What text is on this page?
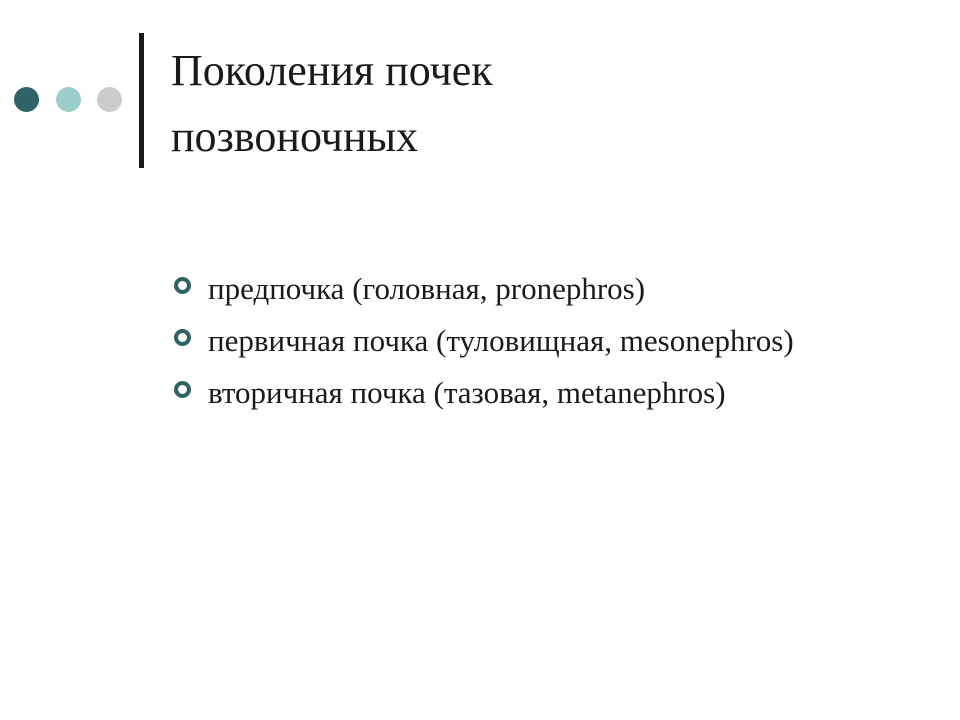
Поколения почек
позвоночных
предпочка (головная, pronephros)
первичная почка (туловищная, mesonephros)
вторичная почка (тазовая, metanephros)
